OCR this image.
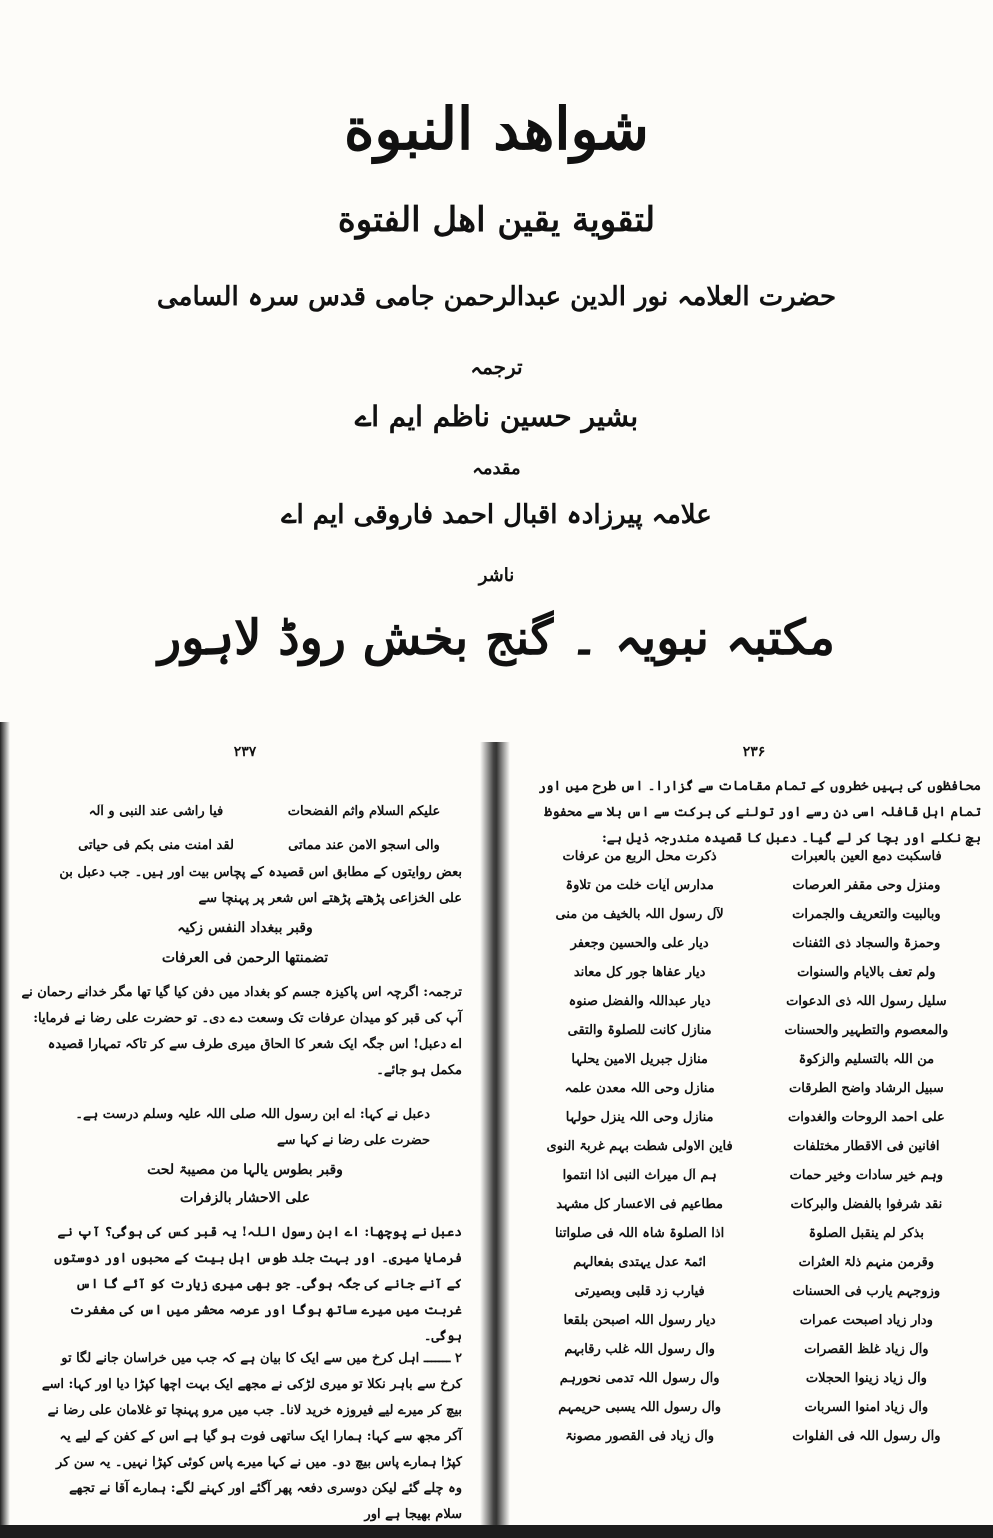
شواهد النبوة
لتقوية يقين اهل الفتوة
حضرت العلامہ نور الدین عبدالرحمن جامی قدس سرہ السامی
ترجمہ
بشیر حسین ناظم ایم اے
مقدمہ
علامہ پیرزادہ اقبال احمد فاروقی ایم اے
ناشر
مکتبہ نبویہ ۔ گنج بخش روڈ لاہور
۲۳۷
علیکم السلام واثم الفضحات
فیا راشی عند النبی و آلہ
والی اسجو الامن عند مماتی
لقد امنت منی بکم فی حیاتی
بعض روایتوں کے مطابق اس قصیدہ کے پچاس بیت اور ہیں۔ جب دعبل بن علی الخزاعی پڑھتے پڑھتے اس شعر پر پہنچا سے
وقبر ببغداد النفس زکیہ
تضمنتها الرحمن فی العرفات
ترجمہ: اگرچہ اس پاکیزہ جسم کو بغداد میں دفن کیا گیا تھا مگر خدانے رحمان نے آپ کی قبر کو میدان عرفات تک وسعت دے دی۔ تو حضرت علی رضا نے فرمایا: اے دعبل! اس جگہ ایک شعر کا الحاق میری طرف سے کر تاکہ تمہارا قصیدہ مکمل ہو جائے۔
دعبل نے کہا: اے ابن رسول اللہ صلی اللہ علیہ وسلم درست ہے۔ حضرت علی رضا نے کہا سے
وقبر بطوس یالہا من مصیبۃ لحت
علی الاحشار بالزفرات
دعبل نے پوچھا: اے ابن رسول اللہ! یہ قبر کس کی ہوگی؟ آپ نے فرمایا میری۔ اور بہت جلد طوس اہل بیت کے محبوں اور دوستوں کے آنے جانے کی جگہ ہوگی۔ جو بھی میری زیارت کو آئے گا اس غربت میں میرے ساتھ ہوگا اور عرصہ محشر میں اس کی مغفرت ہوگی۔
۲ ـــــــ اہل کرخ میں سے ایک کا بیان ہے کہ جب میں خراسان جانے لگا تو کرخ سے باہر نکلا تو میری لڑکی نے مجھے ایک بہت اچھا کپڑا دیا اور کہا: اسے بیچ کر میرے لیے فیروزہ خرید لانا۔ جب میں مرو پہنچا تو غلامان علی رضا نے آکر مجھ سے کہا: ہمارا ایک ساتھی فوت ہو گیا ہے اس کے کفن کے لیے یہ کپڑا ہمارے پاس بیچ دو۔ میں نے کہا میرے پاس کوئی کپڑا نہیں۔ یہ سن کر وہ چلے گئے لیکن دوسری دفعہ پھر آگئے اور کہنے لگے: ہمارے آقا نے تجھے سلام بھیجا ہے اور
۲۳۶
محافظوں کی بہیں خطروں کے تمام مقامات سے گزارا۔ اس طرح میں اور تمام اہل قافلہ اسی دن رسے اور تولنے کی برکت سے اس بلا سے محفوظ بچ نکلے اور بچا کر لے گیا۔ دعبل کا قصیدہ مندرجہ ذیل ہے:
فاسکبت دمع العین بالعبرات
ذکرت محل الربع من عرفات
ومنزل وحی مقفر العرصات
مدارس آیات خلت من تلاوۃ
وبالبیت والتعریف والجمرات
لآل رسول اللہ بالخیف من منی
وحمزۃ والسجاد ذی الثفنات
دیار علی والحسین وجعفر
ولم تعف بالایام والسنوات
دیار عفاها جور کل معاند
سلیل رسول اللہ ذی الدعوات
دیار عبداللہ والفضل صنوہ
والمعصوم والتطہیر والحسنات
منازل کانت للصلوۃ والتقی
من اللہ بالتسلیم والزکوۃ
منازل جبریل الامین یحلہا
سبیل الرشاد واضح الطرقات
منازل وحی اللہ معدن علمہ
علی احمد الروحات والغدوات
منازل وحی اللہ ینزل حولہا
افانین فی الاقطار مختلفات
فاین الاولی شطت بہم غربۃ النوی
وہم خیر سادات وخیر حمات
ہم آل میراث النبی اذا انتموا
نقد شرفوا بالفضل والبرکات
مطاعیم فی الاعسار کل مشہد
بذکر لم ینقبل الصلوۃ
اذا الصلوۃ شاہ اللہ فی صلواتنا
وقرمن منہم ذلۃ العثرات
ائمۃ عدل یہتدی بفعالہم
وزوجہم یارب فی الحسنات
فیارب زد قلبی وبصیرتی
ودار زیاد اصبحت عمرات
دیار رسول اللہ اصبحن بلقعا
وآل زیاد غلظ القصرات
وآل رسول اللہ غلب رقابہم
وآل زیاد زینوا الحجلات
وآل رسول اللہ تدمی نحورہم
وآل زیاد امنوا السربات
وآل رسول اللہ یسبی حریمہم
وآل رسول اللہ فی الفلوات
وآل زیاد فی القصور مصونۃ
